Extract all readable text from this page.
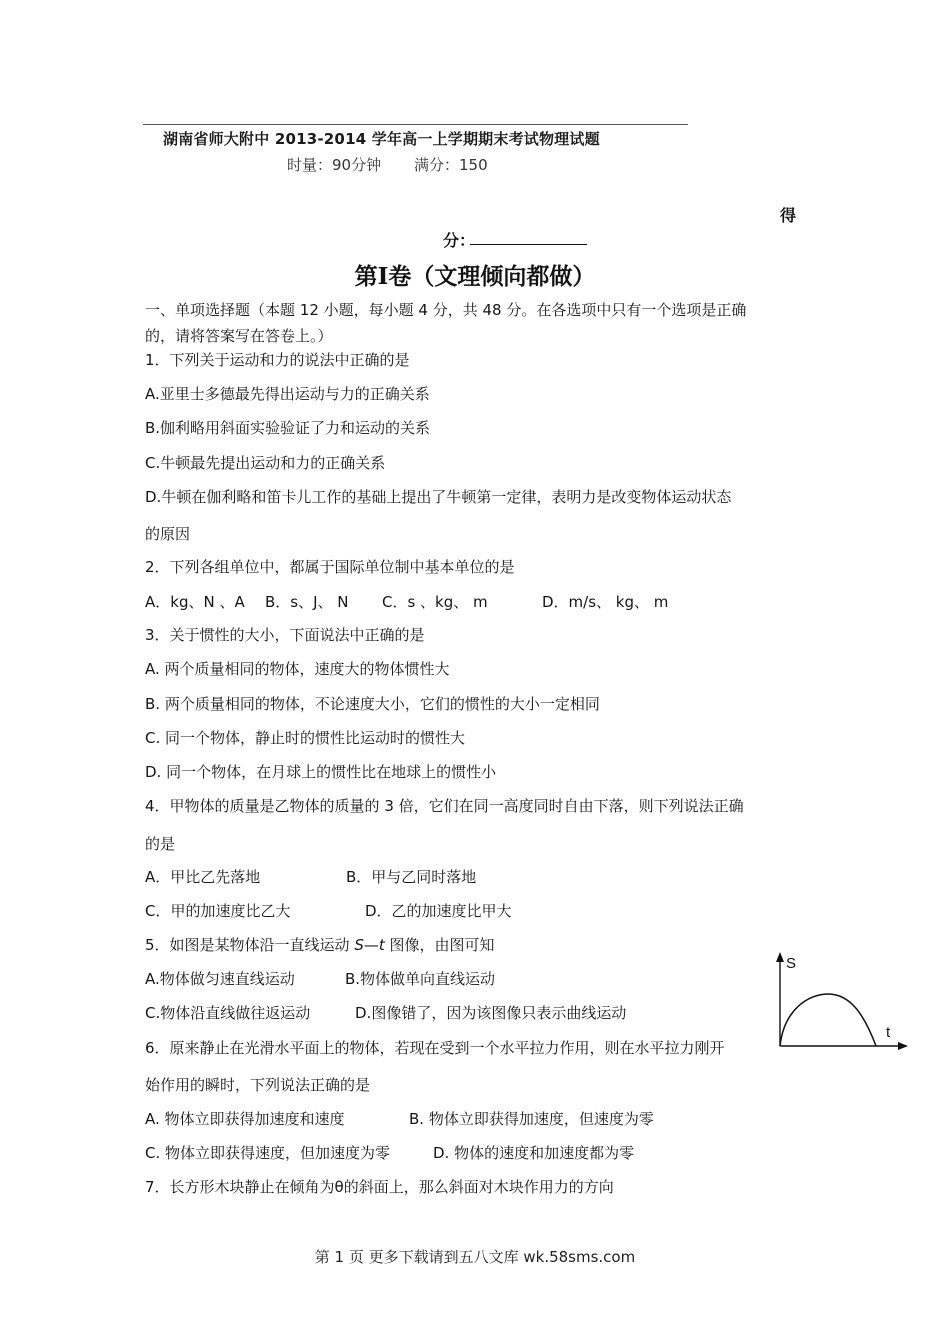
湖南省师大附中 2013-2014 学年高一上学期期末考试物理试题
时量：90分钟 满分：150
得
分：
第Ⅰ卷（文理倾向都做）
一、单项选择题（本题 12 小题，每小题 4 分，共 48 分。在各选项中只有一个选项是正确
的，请将答案写在答卷上。）
1．下列关于运动和力的说法中正确的是
A.亚里士多德最先得出运动与力的正确关系
B.伽利略用斜面实验验证了力和运动的关系
C.牛顿最先提出运动和力的正确关系
D.牛顿在伽利略和笛卡儿工作的基础上提出了牛顿第一定律，表明力是改变物体运动状态
的原因
2．下列各组单位中，都属于国际单位制中基本单位的是
A．kg、N 、A B．s、J、 N C．s 、kg、 m	D．m/s、 kg、 m
3．关于惯性的大小，下面说法中正确的是
A. 两个质量相同的物体，速度大的物体惯性大
B. 两个质量相同的物体，不论速度大小，它们的惯性的大小一定相同
C. 同一个物体，静止时的惯性比运动时的惯性大
D. 同一个物体，在月球上的惯性比在地球上的惯性小
4．甲物体的质量是乙物体的质量的 3 倍，它们在同一高度同时自由下落，则下列说法正确
的是
A．甲比乙先落地	B．甲与乙同时落地
C．甲的加速度比乙大	D．乙的加速度比甲大
5．如图是某物体沿一直线运动 S—t 图像，由图可知
A.物体做匀速直线运动	B.物体做单向直线运动
C.物体沿直线做往返运动	D.图像错了，因为该图像只表示曲线运动
S
t
6．原来静止在光滑水平面上的物体，若现在受到一个水平拉力作用，则在水平拉力刚开
始作用的瞬时，下列说法正确的是
A. 物体立即获得加速度和速度	B. 物体立即获得加速度，但速度为零
C. 物体立即获得速度，但加速度为零	D. 物体的速度和加速度都为零
7．长方形木块静止在倾角为θ的斜面上，那么斜面对木块作用力的方向
第 1 页 更多下载请到五八文库 wk.58sms.com
